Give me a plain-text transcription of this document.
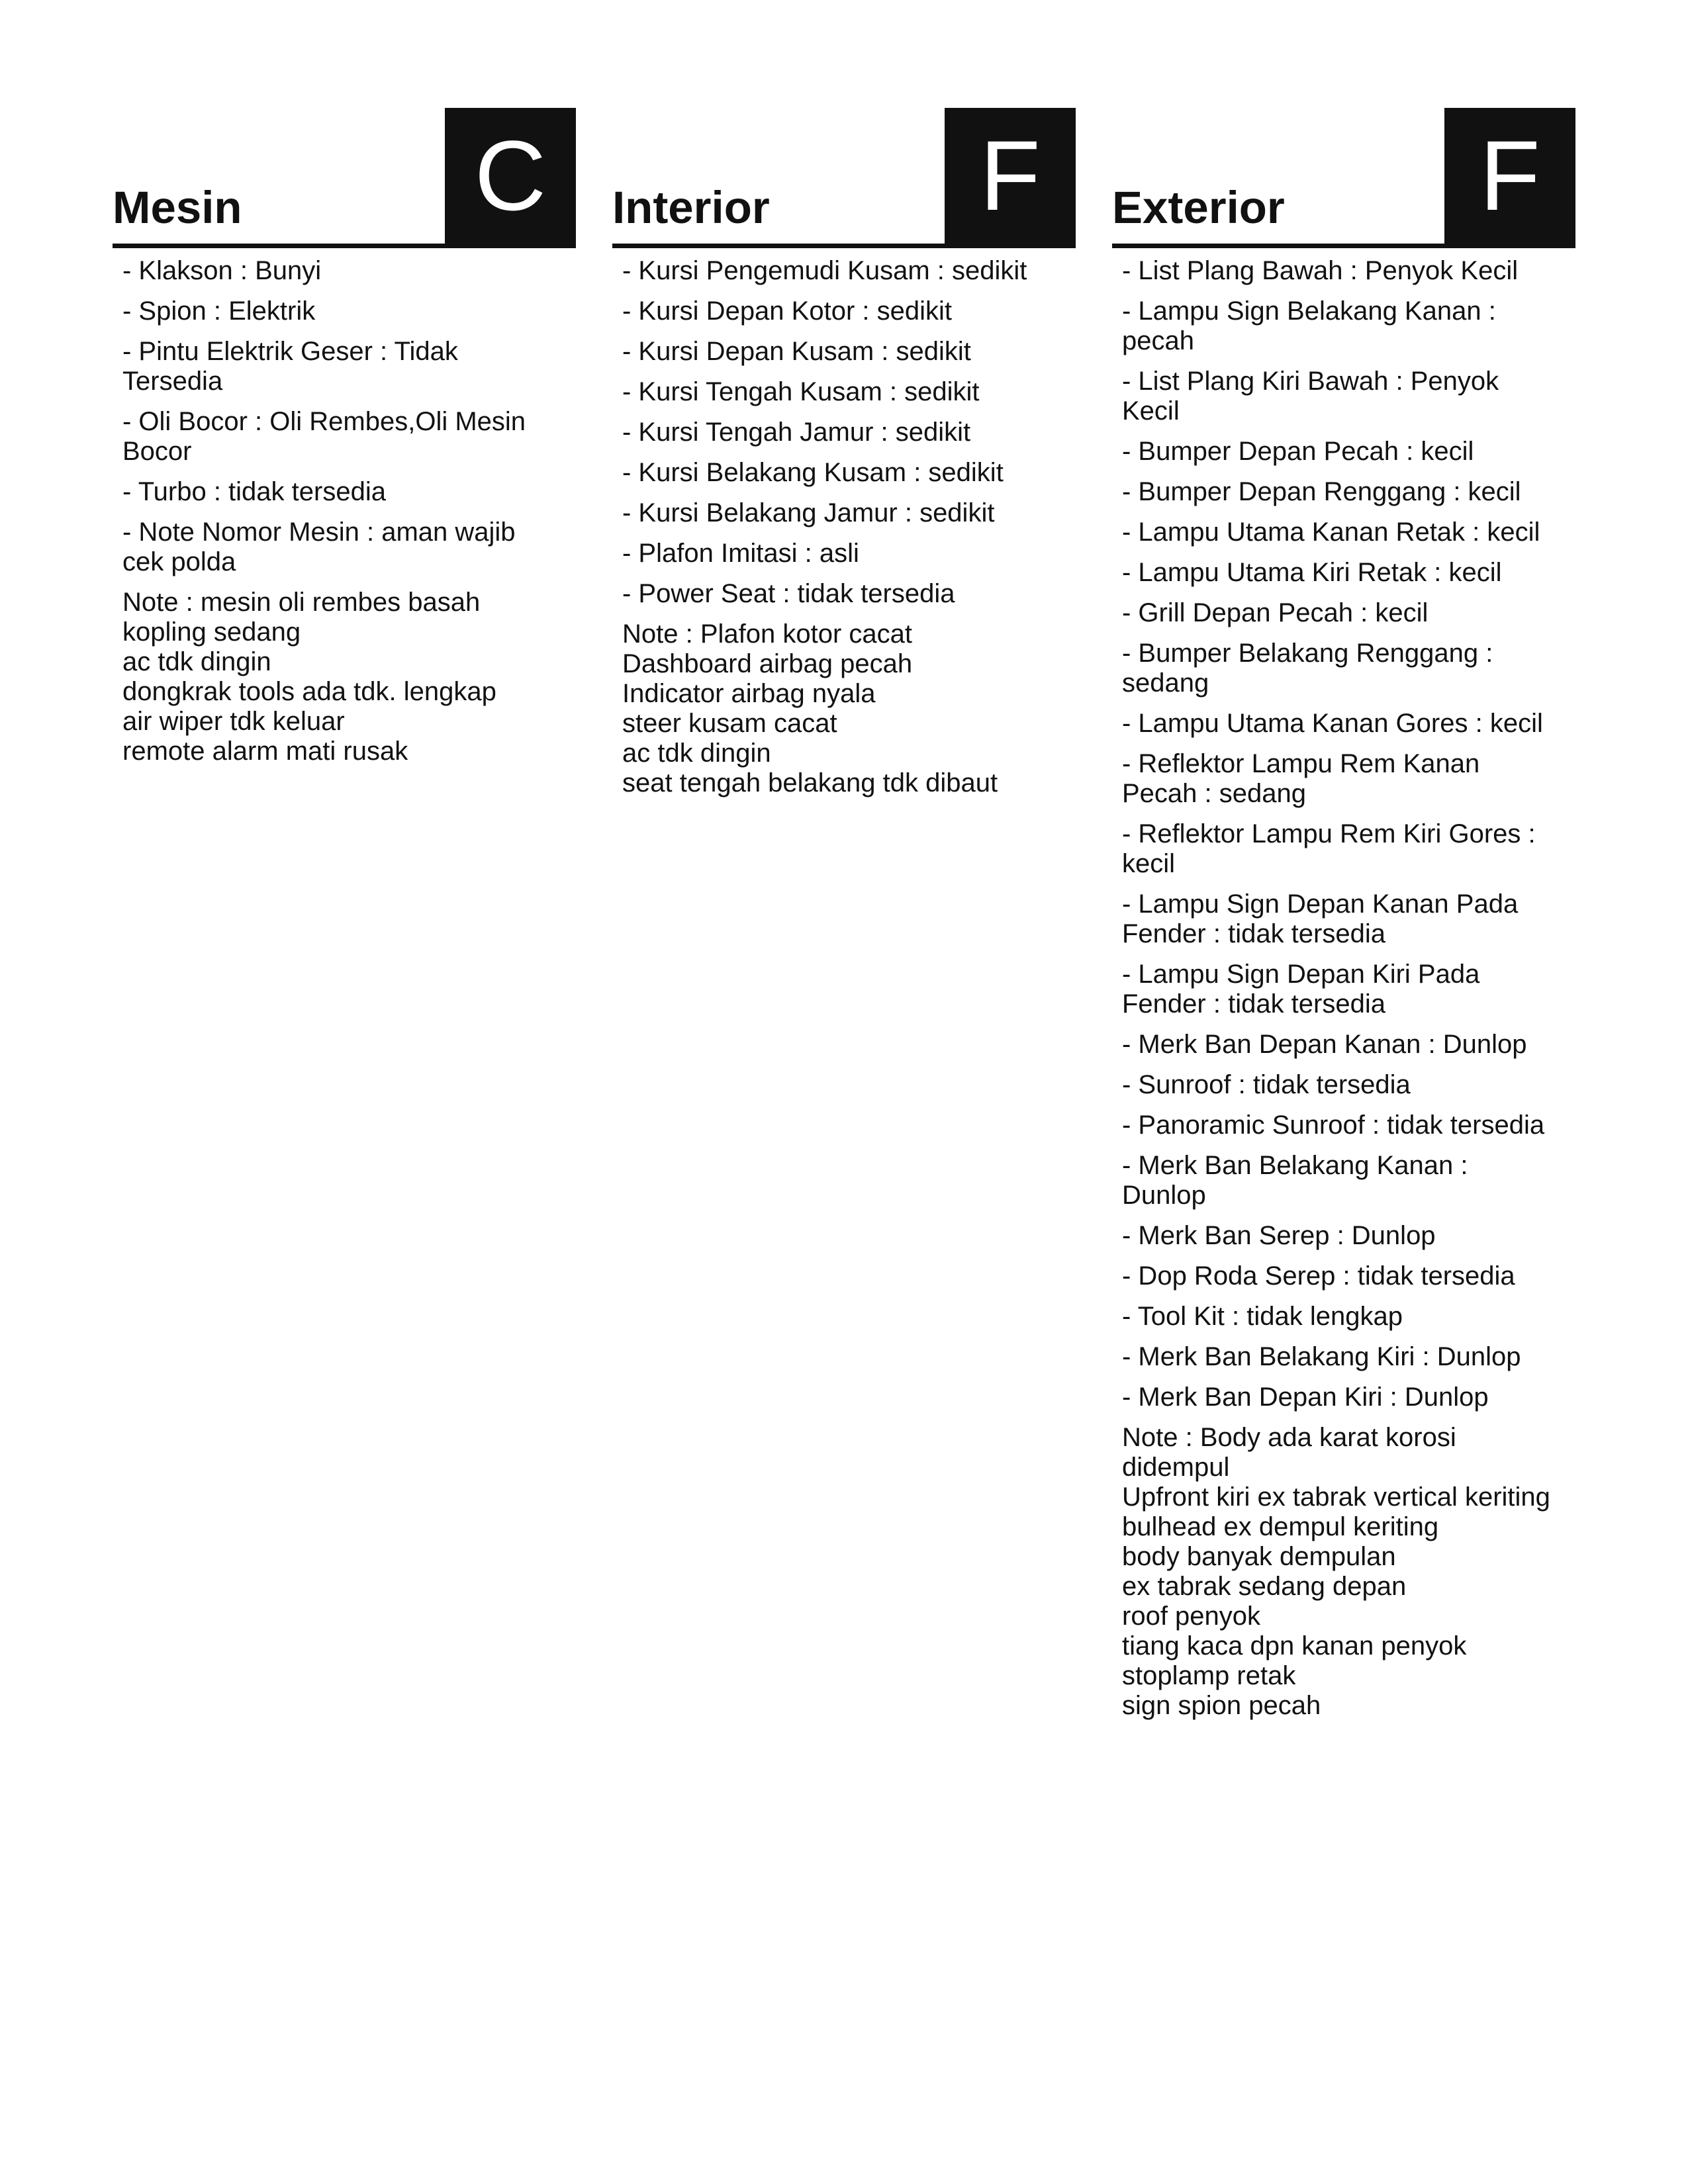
Mesin C
- Klakson : Bunyi
- Spion : Elektrik
- Pintu Elektrik Geser : Tidak Tersedia
- Oli Bocor : Oli Rembes,Oli Mesin Bocor
- Turbo : tidak tersedia
- Note Nomor Mesin : aman wajib cek polda
Note : mesin oli rembes basah
kopling sedang
ac tdk dingin
dongkrak tools ada tdk. lengkap
air wiper tdk keluar
remote alarm mati rusak
Interior	F
- Kursi Pengemudi Kusam : sedikit
- Kursi Depan Kotor : sedikit
- Kursi Depan Kusam : sedikit
- Kursi Tengah Kusam : sedikit
- Kursi Tengah Jamur : sedikit
- Kursi Belakang Kusam : sedikit
- Kursi Belakang Jamur : sedikit
- Plafon Imitasi : asli
- Power Seat : tidak tersedia
Note : Plafon kotor cacat
Dashboard airbag pecah
Indicator airbag nyala
steer kusam cacat
ac tdk dingin
seat tengah belakang tdk dibaut
Exterior	F
- List Plang Bawah : Penyok Kecil
- Lampu Sign Belakang Kanan : pecah
- List Plang Kiri Bawah : Penyok Kecil
- Bumper Depan Pecah : kecil
- Bumper Depan Renggang : kecil
- Lampu Utama Kanan Retak : kecil
- Lampu Utama Kiri Retak : kecil
- Grill Depan Pecah : kecil
- Bumper Belakang Renggang : sedang
- Lampu Utama Kanan Gores : kecil
- Reflektor Lampu Rem Kanan Pecah : sedang
- Reflektor Lampu Rem Kiri Gores : kecil
- Lampu Sign Depan Kanan Pada Fender : tidak tersedia
- Lampu Sign Depan Kiri Pada Fender : tidak tersedia
- Merk Ban Depan Kanan : Dunlop
- Sunroof : tidak tersedia
- Panoramic Sunroof : tidak tersedia
- Merk Ban Belakang Kanan : Dunlop
- Merk Ban Serep : Dunlop
- Dop Roda Serep : tidak tersedia
- Tool Kit : tidak lengkap
- Merk Ban Belakang Kiri : Dunlop
- Merk Ban Depan Kiri : Dunlop
Note : Body ada karat korosi didempul
Upfront kiri ex tabrak vertical keriting
bulhead ex dempul keriting
body banyak dempulan
ex tabrak sedang depan
roof penyok
tiang kaca dpn kanan penyok
stoplamp retak
sign spion pecah
